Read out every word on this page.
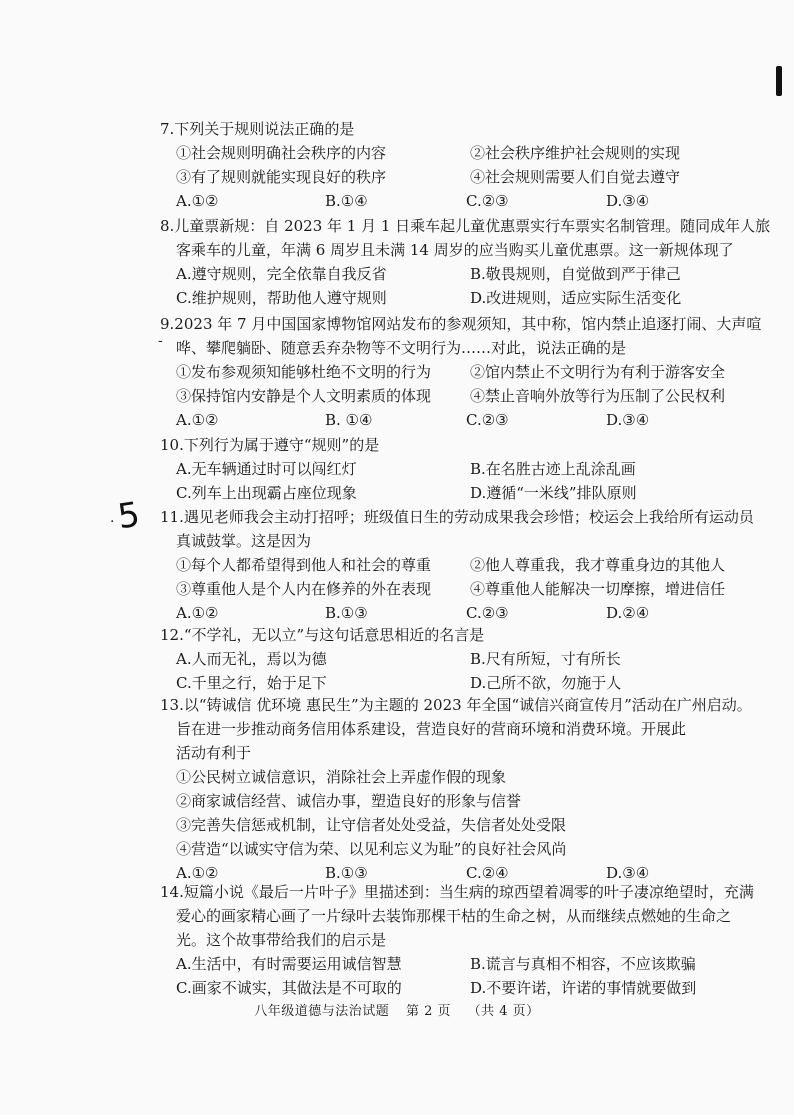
7.下列关于规则说法正确的是
①社会规则明确社会秩序的内容	②社会秩序维护社会规则的实现
③有了规则就能实现良好的秩序	④社会规则需要人们自觉去遵守
A.①②	B.①④	C.②③	D.③④
8.儿童票新规：自 2023 年 1 月 1 日乘车起儿童优惠票实行车票实名制管理。随同成年人旅
客乘车的儿童，年满 6 周岁且未满 14 周岁的应当购买儿童优惠票。这一新规体现了
A.遵守规则，完全依靠自我反省	B.敬畏规则，自觉做到严于律己
C.维护规则，帮助他人遵守规则	D.改进规则，适应实际生活变化
9.2023 年 7 月中国国家博物馆网站发布的参观须知，其中称，馆内禁止追逐打闹、大声喧
哗、攀爬躺卧、随意丢弃杂物等不文明行为……对此，说法正确的是
①发布参观须知能够杜绝不文明的行为	②馆内禁止不文明行为有利于游客安全
③保持馆内安静是个人文明素质的体现	④禁止音响外放等行为压制了公民权利
A.①②	B. ①④	C.②③	D.③④
-
10.下列行为属于遵守“规则”的是
A.无车辆通过时可以闯红灯	B.在名胜古迹上乱涂乱画
C.列车上出现霸占座位现象	D.遵循“一米线”排队原则
5
.	11.遇见老师我会主动打招呼；班级值日生的劳动成果我会珍惜；校运会上我给所有运动员
真诚鼓掌。这是因为
①每个人都希望得到他人和社会的尊重	②他人尊重我，我才尊重身边的其他人
③尊重他人是个人内在修养的外在表现	④尊重他人能解决一切摩擦，增进信任
A.①②	B.①③	C.②③	D.②④
12.“不学礼，无以立”与这句话意思相近的名言是
A.人而无礼，焉以为德	B.尺有所短，寸有所长
C.千里之行，始于足下	D.己所不欲，勿施于人
13.以“铸诚信 优环境 惠民生”为主题的 2023 年全国“诚信兴商宣传月”活动在广州启动。
旨在进一步推动商务信用体系建设，营造良好的营商环境和消费环境。开展此
活动有利于
①公民树立诚信意识，消除社会上弄虚作假的现象
②商家诚信经营、诚信办事，塑造良好的形象与信誉
③完善失信惩戒机制，让守信者处处受益，失信者处处受限
④营造“以诚实守信为荣、以见利忘义为耻”的良好社会风尚
A.①②	B.①③	C.②④	D.③④
14.短篇小说《最后一片叶子》里描述到：当生病的琼西望着凋零的叶子凄凉绝望时，充满
爱心的画家精心画了一片绿叶去装饰那棵干枯的生命之树，从而继续点燃她的生命之
光。这个故事带给我们的启示是
A.生活中，有时需要运用诚信智慧	B.谎言与真相不相容，不应该欺骗
C.画家不诚实，其做法是不可取的	D.不要许诺，许诺的事情就要做到
八年级道德与法治试题 第 2 页 （共 4 页）
